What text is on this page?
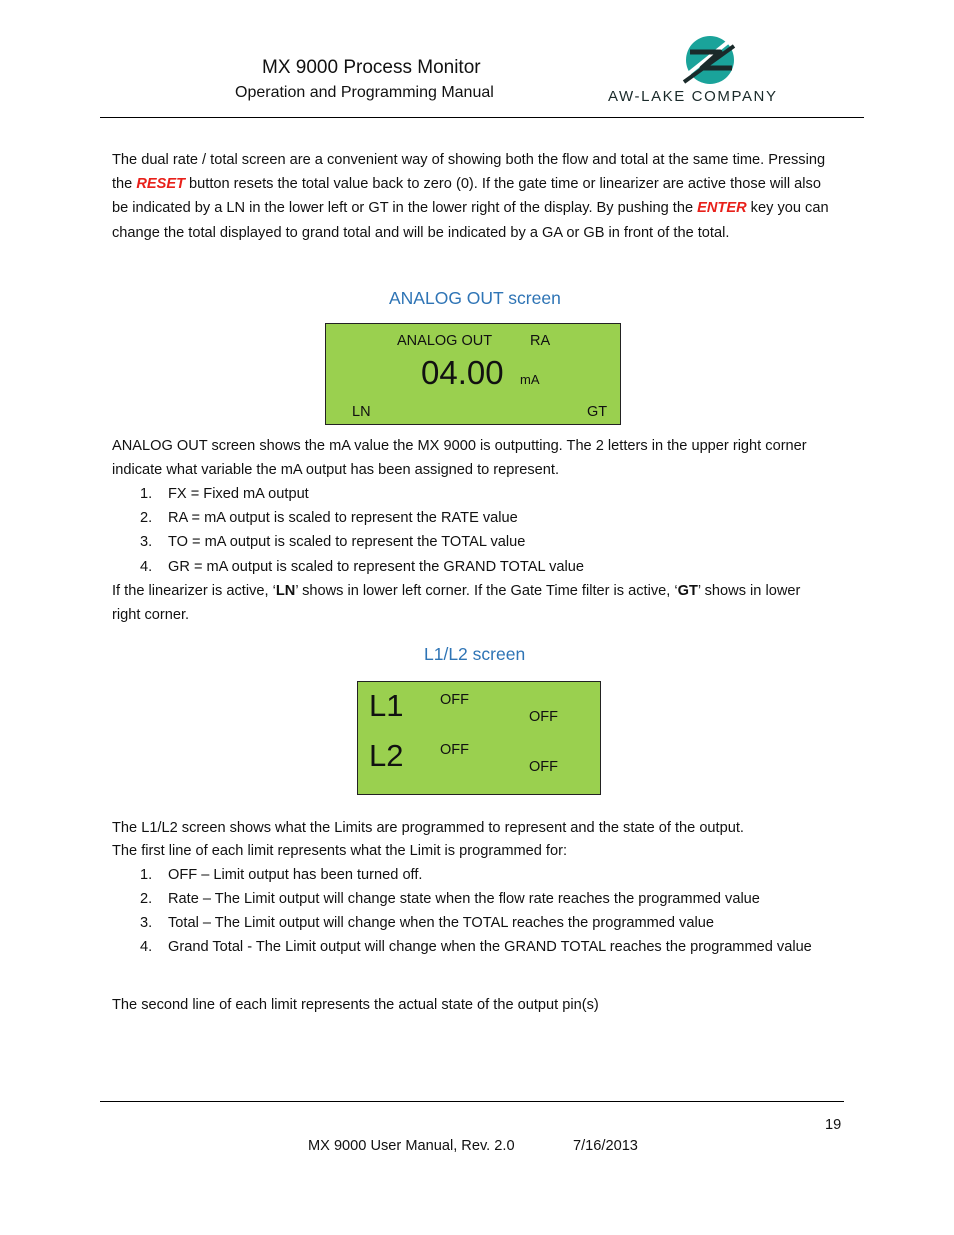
MX 9000 Process Monitor
Operation and Programming Manual	AW-LAKE COMPANY

The dual rate / total screen are a convenient way of showing both the flow and total at the same time. Pressing the RESET button resets the total value back to zero (0). If the gate time or linearizer are active those will also be indicated by a LN in the lower left or GT in the lower right of the display. By pushing the ENTER key you can change the total displayed to grand total and will be indicated by a GA or GB in front of the total.

ANALOG OUT screen
ANALOG OUT	RA
04.00 mA
LN	GT
ANALOG OUT screen shows the mA value the MX 9000 is outputting. The 2 letters in the upper right corner indicate what variable the mA output has been assigned to represent.
1. FX = Fixed mA output
2. RA = mA output is scaled to represent the RATE value
3. TO = mA output is scaled to represent the TOTAL value
4. GR = mA output is scaled to represent the GRAND TOTAL value
If the linearizer is active, ‘LN’ shows in lower left corner. If the Gate Time filter is active, ‘GT’ shows in lower right corner.
L1/L2 screen
L1	OFF
OFF
L2	OFF
OFF

The L1/L2 screen shows what the Limits are programmed to represent and the state of the output.

The first line of each limit represents what the Limit is programmed for:

1. OFF – Limit output has been turned off.
2. Rate – The Limit output will change state when the flow rate reaches the programmed value
3. Total – The Limit output will change when the TOTAL reaches the programmed value
4. Grand Total - The Limit output will change when the GRAND TOTAL reaches the programmed value
The second line of each limit represents the actual state of the output pin(s)
19
MX 9000 User Manual, Rev. 2.0	7/16/2013
